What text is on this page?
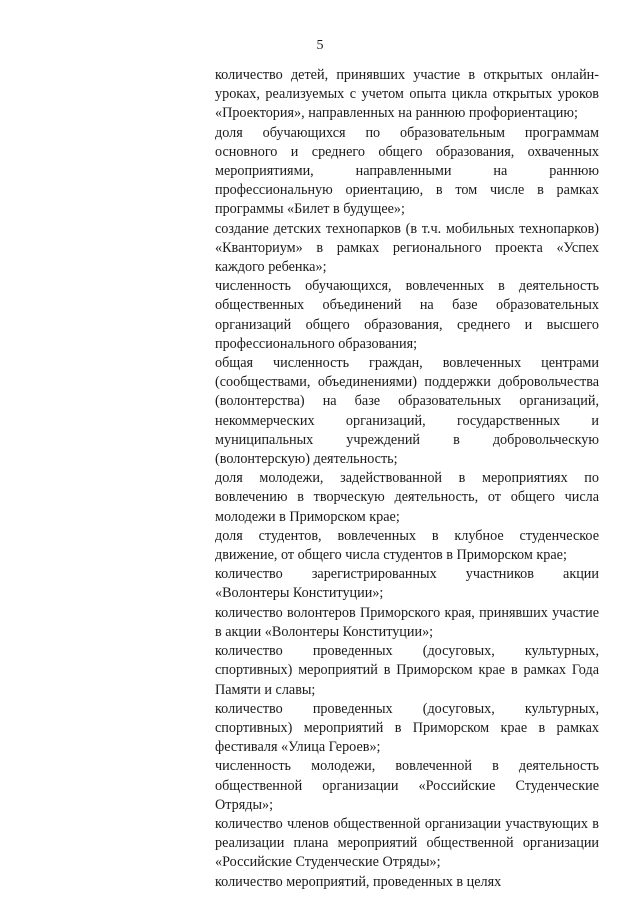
5

количество детей, принявших участие в открытых онлайн-уроках, реализуемых с учетом опыта цикла открытых уроков «Проектория», направленных на раннюю профориентацию;

доля обучающихся по образовательным программам основного и среднего общего образования, охваченных мероприятиями, направленными на раннюю профессиональную ориентацию, в том числе в рамках программы «Билет в будущее»;

создание детских технопарков (в т.ч. мобильных технопарков) «Кванториум» в рамках регионального проекта «Успех каждого ребенка»;

численность обучающихся, вовлеченных в деятельность общественных объединений на базе образовательных организаций общего образования, среднего и высшего профессионального образования;

общая численность граждан, вовлеченных центрами (сообществами, объединениями) поддержки добровольчества (волонтерства) на базе образовательных организаций, некоммерческих организаций, государственных и муниципальных учреждений в добровольческую (волонтерскую) деятельность;

доля молодежи, задействованной в мероприятиях по вовлечению в творческую деятельность, от общего числа молодежи в Приморском крае;

доля студентов, вовлеченных в клубное студенческое движение, от общего числа студентов в Приморском крае;

количество зарегистрированных участников акции «Волонтеры Конституции»;

количество волонтеров Приморского края, принявших участие в акции «Волонтеры Конституции»;

количество проведенных (досуговых, культурных, спортивных) мероприятий в Приморском крае в рамках Года Памяти и славы;

количество проведенных (досуговых, культурных, спортивных) мероприятий в Приморском крае в рамках фестиваля «Улица Героев»;

численность молодежи, вовлеченной в деятельность общественной организации «Российские Студенческие Отряды»;

количество членов общественной организации участвующих в реализации плана мероприятий общественной организации «Российские Студенческие Отряды»;

количество мероприятий, проведенных в целях
